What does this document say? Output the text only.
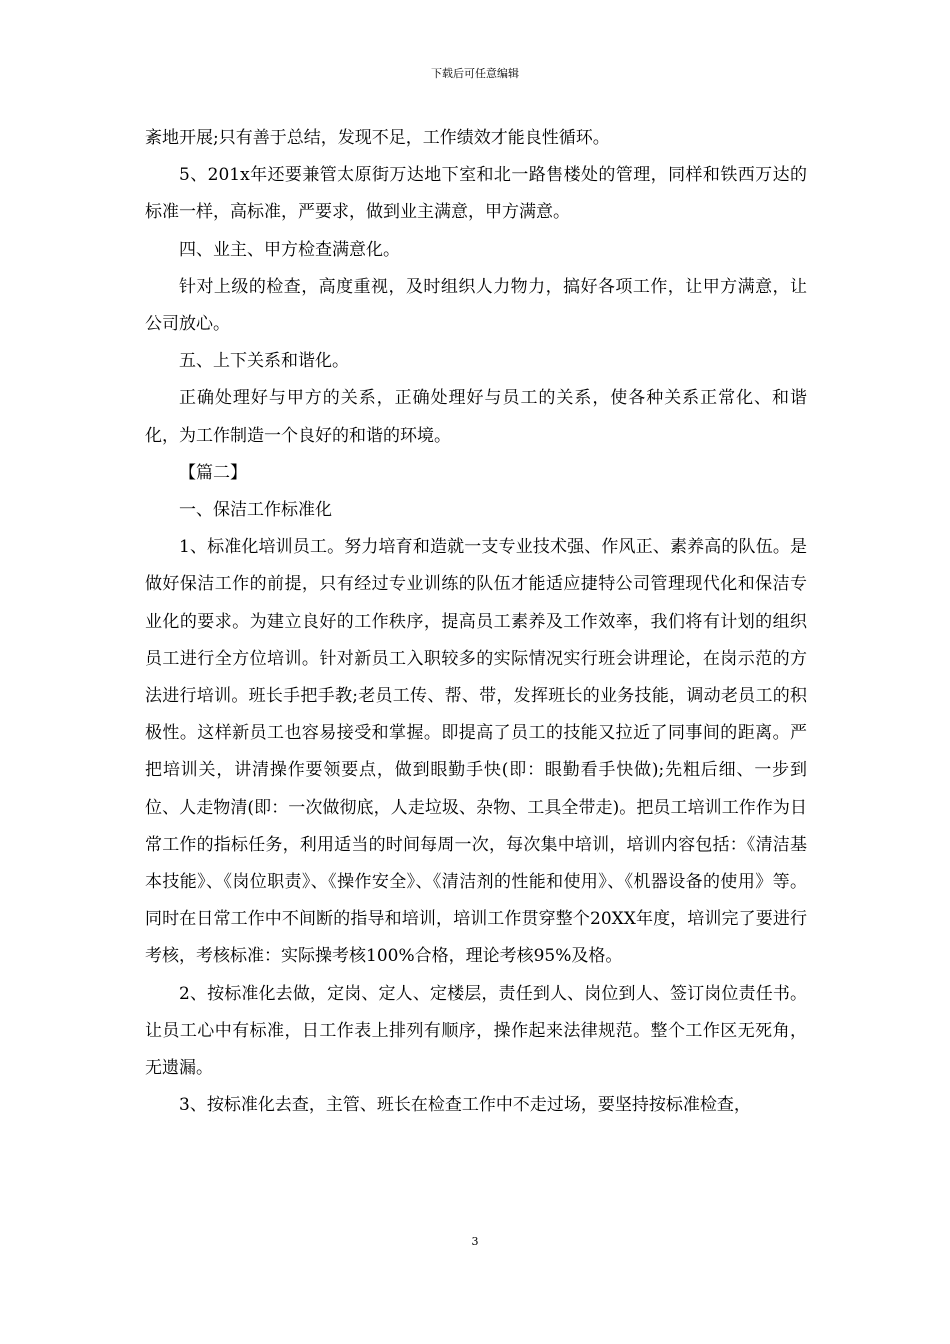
下载后可任意编辑

紊地开展;只有善于总结，发现不足，工作绩效才能良性循环。

5、201x年还要兼管太原街万达地下室和北一路售楼处的管理，同样和铁西万达的标准一样，高标准，严要求，做到业主满意，甲方满意。

四、业主、甲方检查满意化。

针对上级的检查，高度重视，及时组织人力物力，搞好各项工作，让甲方满意，让公司放心。

五、上下关系和谐化。

正确处理好与甲方的关系，正确处理好与员工的关系，使各种关系正常化、和谐化，为工作制造一个良好的和谐的环境。

【篇二】

一、保洁工作标准化

1、标准化培训员工。努力培育和造就一支专业技术强、作风正、素养高的队伍。是做好保洁工作的前提，只有经过专业训练的队伍才能适应捷特公司管理现代化和保洁专业化的要求。为建立良好的工作秩序，提高员工素养及工作效率，我们将有计划的组织员工进行全方位培训。针对新员工入职较多的实际情况实行班会讲理论，在岗示范的方法进行培训。班长手把手教;老员工传、帮、带，发挥班长的业务技能，调动老员工的积极性。这样新员工也容易接受和掌握。即提高了员工的技能又拉近了同事间的距离。严把培训关，讲清操作要领要点，做到眼勤手快(即：眼勤看手快做);先粗后细、一步到位、人走物清(即：一次做彻底，人走垃圾、杂物、工具全带走)。把员工培训工作作为日常工作的指标任务，利用适当的时间每周一次，每次集中培训，培训内容包括：《清洁基本技能》、《岗位职责》、《操作安全》、《清洁剂的性能和使用》、《机器设备的使用》等。同时在日常工作中不间断的指导和培训，培训工作贯穿整个20XX年度，培训完了要进行考核，考核标准：实际操考核100%合格，理论考核95%及格。

2、按标准化去做，定岗、定人、定楼层，责任到人、岗位到人、签订岗位责任书。让员工心中有标准，日工作表上排列有顺序，操作起来法律规范。整个工作区无死角，无遗漏。

3、按标准化去查，主管、班长在检查工作中不走过场，要坚持按标准检查，

3
